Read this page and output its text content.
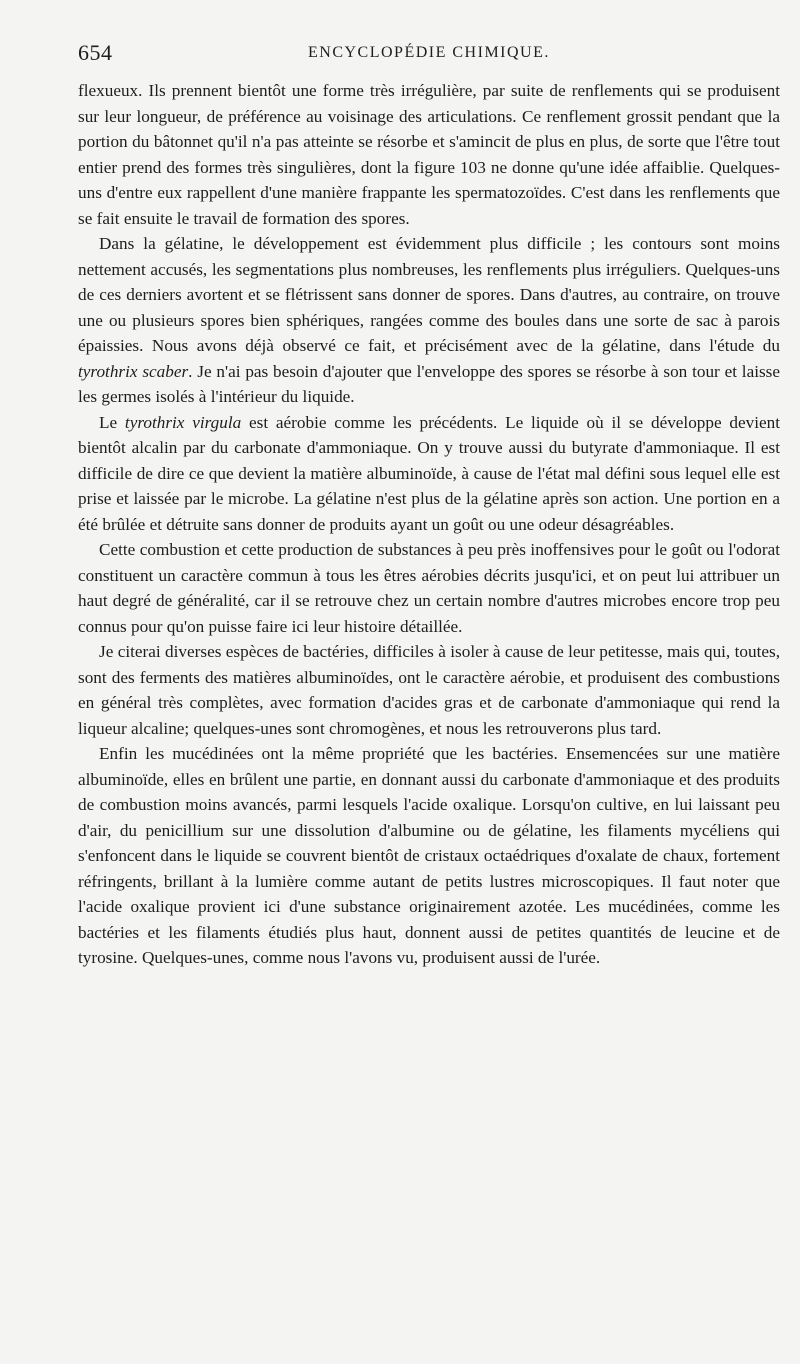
654	ENCYCLOPÉDIE CHIMIQUE.

flexueux. Ils prennent bientôt une forme très irrégulière, par suite de renflements qui se produisent sur leur longueur, de préférence au voisinage des articulations. Ce renflement grossit pendant que la portion du bâtonnet qu'il n'a pas atteinte se résorbe et s'amincit de plus en plus, de sorte que l'être tout entier prend des formes très singulières, dont la figure 103 ne donne qu'une idée affaiblie. Quelques-uns d'entre eux rappellent d'une manière frappante les spermatozoïdes. C'est dans les renflements que se fait ensuite le travail de formation des spores.

Dans la gélatine, le développement est évidemment plus difficile ; les contours sont moins nettement accusés, les segmentations plus nombreuses, les renflements plus irréguliers. Quelques-uns de ces derniers avortent et se flétrissent sans donner de spores. Dans d'autres, au contraire, on trouve une ou plusieurs spores bien sphériques, rangées comme des boules dans une sorte de sac à parois épaissies. Nous avons déjà observé ce fait, et précisément avec de la gélatine, dans l'étude du tyrothrix scaber. Je n'ai pas besoin d'ajouter que l'enveloppe des spores se résorbe à son tour et laisse les germes isolés à l'intérieur du liquide.

Le tyrothrix virgula est aérobie comme les précédents. Le liquide où il se développe devient bientôt alcalin par du carbonate d'ammoniaque. On y trouve aussi du butyrate d'ammoniaque. Il est difficile de dire ce que devient la matière albuminoïde, à cause de l'état mal défini sous lequel elle est prise et laissée par le microbe. La gélatine n'est plus de la gélatine après son action. Une portion en a été brûlée et détruite sans donner de produits ayant un goût ou une odeur désagréables.

Cette combustion et cette production de substances à peu près inoffensives pour le goût ou l'odorat constituent un caractère commun à tous les êtres aérobies décrits jusqu'ici, et on peut lui attribuer un haut degré de généralité, car il se retrouve chez un certain nombre d'autres microbes encore trop peu connus pour qu'on puisse faire ici leur histoire détaillée.

Je citerai diverses espèces de bactéries, difficiles à isoler à cause de leur petitesse, mais qui, toutes, sont des ferments des matières albuminoïdes, ont le caractère aérobie, et produisent des combustions en général très complètes, avec formation d'acides gras et de carbonate d'ammoniaque qui rend la liqueur alcaline; quelques-unes sont chromogènes, et nous les retrouverons plus tard.

Enfin les mucédinées ont la même propriété que les bactéries. Ensemencées sur une matière albuminoïde, elles en brûlent une partie, en donnant aussi du carbonate d'ammoniaque et des produits de combustion moins avancés, parmi lesquels l'acide oxalique. Lorsqu'on cultive, en lui laissant peu d'air, du penicillium sur une dissolution d'albumine ou de gélatine, les filaments mycéliens qui s'enfoncent dans le liquide se couvrent bientôt de cristaux octaédriques d'oxalate de chaux, fortement réfringents, brillant à la lumière comme autant de petits lustres microscopiques. Il faut noter que l'acide oxalique provient ici d'une substance originairement azotée. Les mucédinées, comme les bactéries et les filaments étudiés plus haut, donnent aussi de petites quantités de leucine et de tyrosine. Quelques-unes, comme nous l'avons vu, produisent aussi de l'urée.
